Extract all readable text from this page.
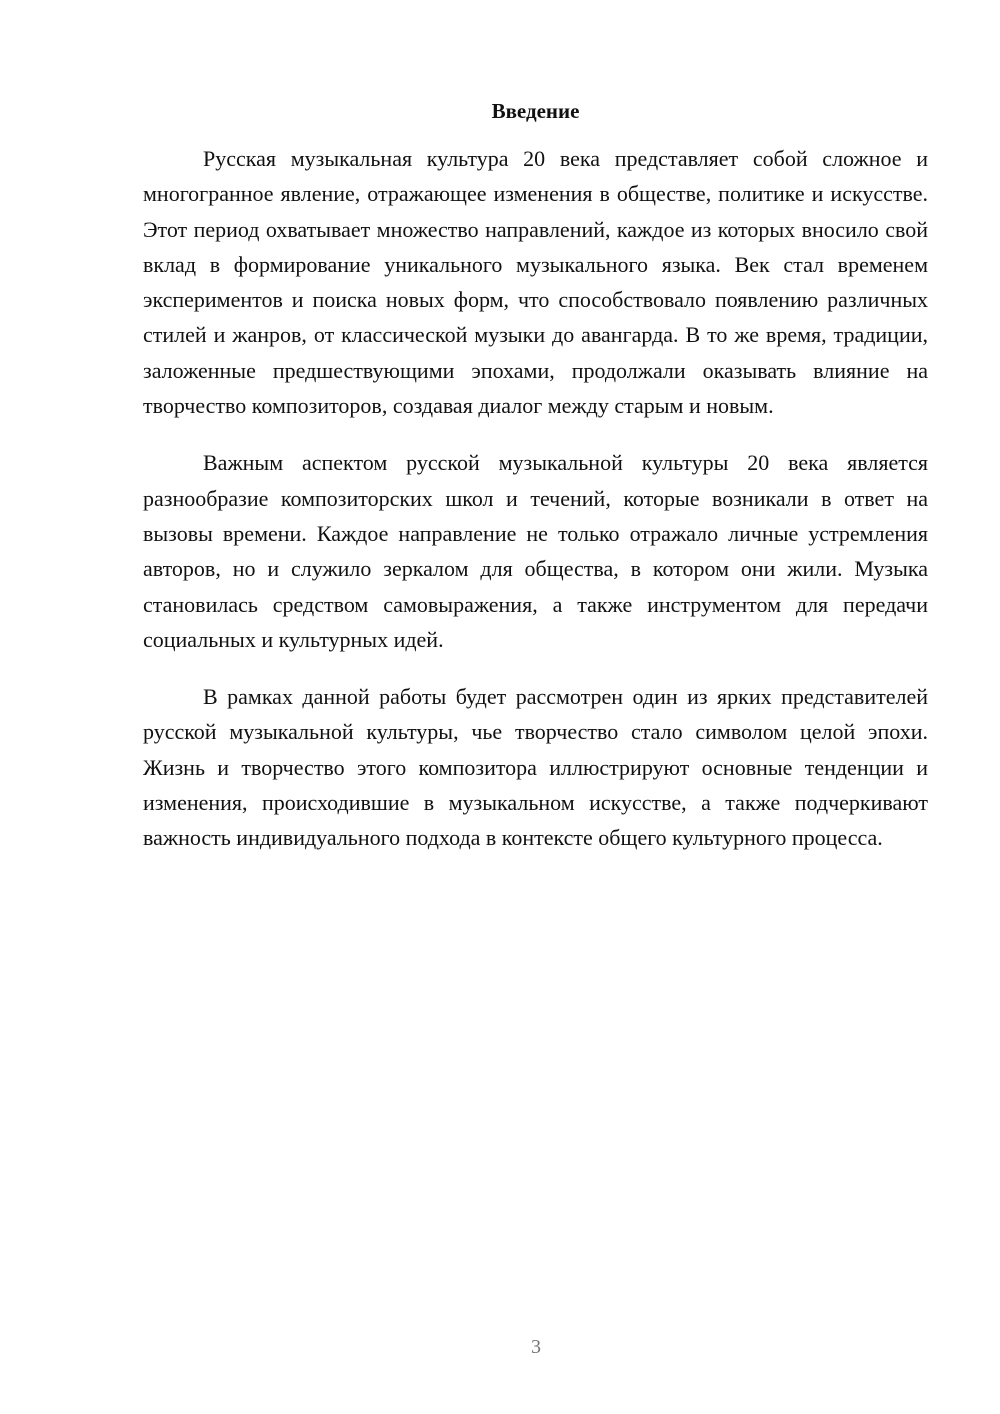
Введение

Русская музыкальная культура 20 века представляет собой сложное и многогранное явление, отражающее изменения в обществе, политике и искусстве. Этот период охватывает множество направлений, каждое из которых вносило свой вклад в формирование уникального музыкального языка. Век стал временем экспериментов и поиска новых форм, что способствовало появлению различных стилей и жанров, от классической музыки до авангарда. В то же время, традиции, заложенные предшествующими эпохами, продолжали оказывать влияние на творчество композиторов, создавая диалог между старым и новым.

Важным аспектом русской музыкальной культуры 20 века является разнообразие композиторских школ и течений, которые возникали в ответ на вызовы времени. Каждое направление не только отражало личные устремления авторов, но и служило зеркалом для общества, в котором они жили. Музыка становилась средством самовыражения, а также инструментом для передачи социальных и культурных идей.

В рамках данной работы будет рассмотрен один из ярких представителей русской музыкальной культуры, чье творчество стало символом целой эпохи. Жизнь и творчество этого композитора иллюстрируют основные тенденции и изменения, происходившие в музыкальном искусстве, а также подчеркивают важность индивидуального подхода в контексте общего культурного процесса.

3
